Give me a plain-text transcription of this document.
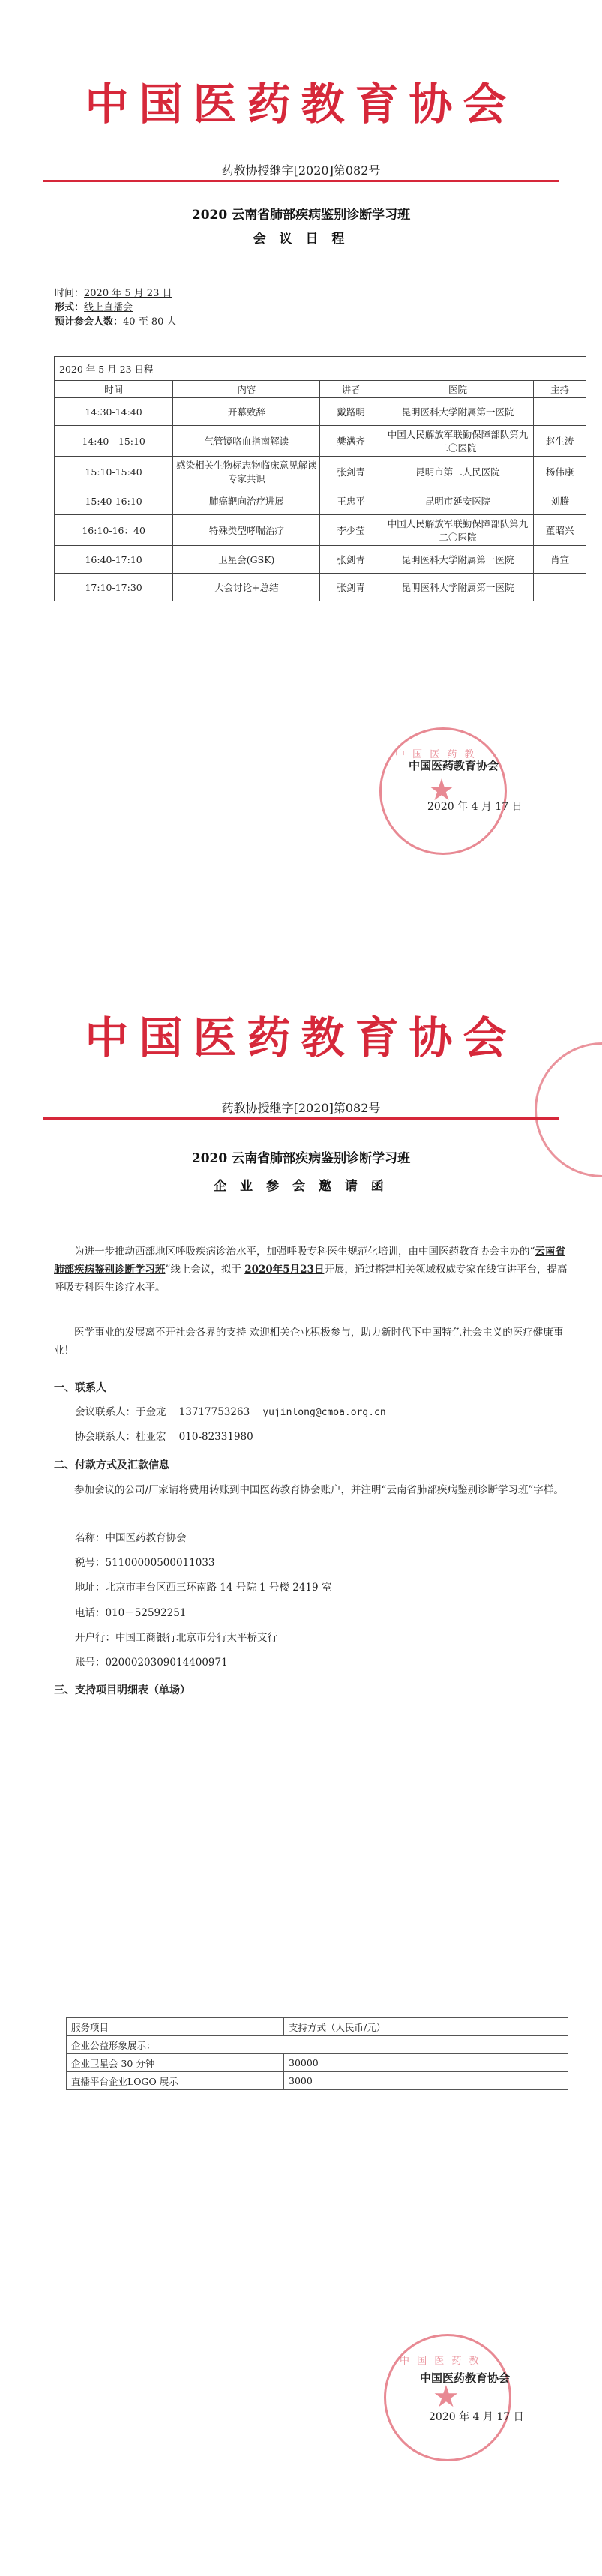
中国医药教育协会
药教协授继字[2020]第082号
2020 云南省肺部疾病鉴别诊断学习班
会 议 日 程
时间：2020 年 5 月 23 日
形式：线上直播会
预计参会人数：40 至 80 人
2020 年 5 月 23 日程				
时间	内容	讲者	医院	主持
14:30-14:40	开幕致辞	戴路明	昆明医科大学附属第一医院	
14:40—15:10	气管镜咯血指南解读	樊满齐	中国人民解放军联勤保障部队第九二〇医院	赵生涛
15:10-15:40	感染相关生物标志物临床意见解读专家共识	张剑青	昆明市第二人民医院	杨伟康
15:40-16:10	肺癌靶向治疗进展	王忠平	昆明市延安医院	刘腾
16:10-16：40	特殊类型哮喘治疗	李少莹	中国人民解放军联勤保障部队第九二〇医院	董昭兴
16:40-17:10	卫星会(GSK)	张剑青	昆明医科大学附属第一医院	肖宣
17:10-17:30	大会讨论+总结	张剑青	昆明医科大学附属第一医院	
中 国 医 药 教
★
中国医药教育协会
2020 年 4 月 17 日
中国医药教育协会
药教协授继字[2020]第082号
2020 云南省肺部疾病鉴别诊断学习班
企 业 参 会 邀 请 函
为进一步推动西部地区呼吸疾病诊治水平，加强呼吸专科医生规范化培训，由中国医药教育协会主办的“云南省肺部疾病鉴别诊断学习班”线上会议，拟于 2020年5月23日开展，通过搭建相关领域权威专家在线宣讲平台，提高呼吸专科医生诊疗水平。
医学事业的发展离不开社会各界的支持 欢迎相关企业积极参与，助力新时代下中国特色社会主义的医疗健康事业！
一、联系人
会议联系人：于金龙 13717753263 yujinlong@cmoa.org.cn
协会联系人：杜亚宏 010-82331980
二、付款方式及汇款信息
参加会议的公司/厂家请将费用转账到中国医药教育协会账户，并注明“云南省肺部疾病鉴别诊断学习班”字样。
名称：中国医药教育协会
税号：51100000500011033
地址：北京市丰台区西三环南路 14 号院 1 号楼 2419 室
电话：010－52592251
开户行：中国工商银行北京市分行太平桥支行
账号：0200020309014400971
三、支持项目明细表（单场）
服务项目	支持方式（人民币/元）
企业公益形象展示：	
企业卫星会 30 分钟	30000
直播平台企业LOGO 展示	3000
中 国 医 药 教
★
中国医药教育协会
2020 年 4 月 17 日
